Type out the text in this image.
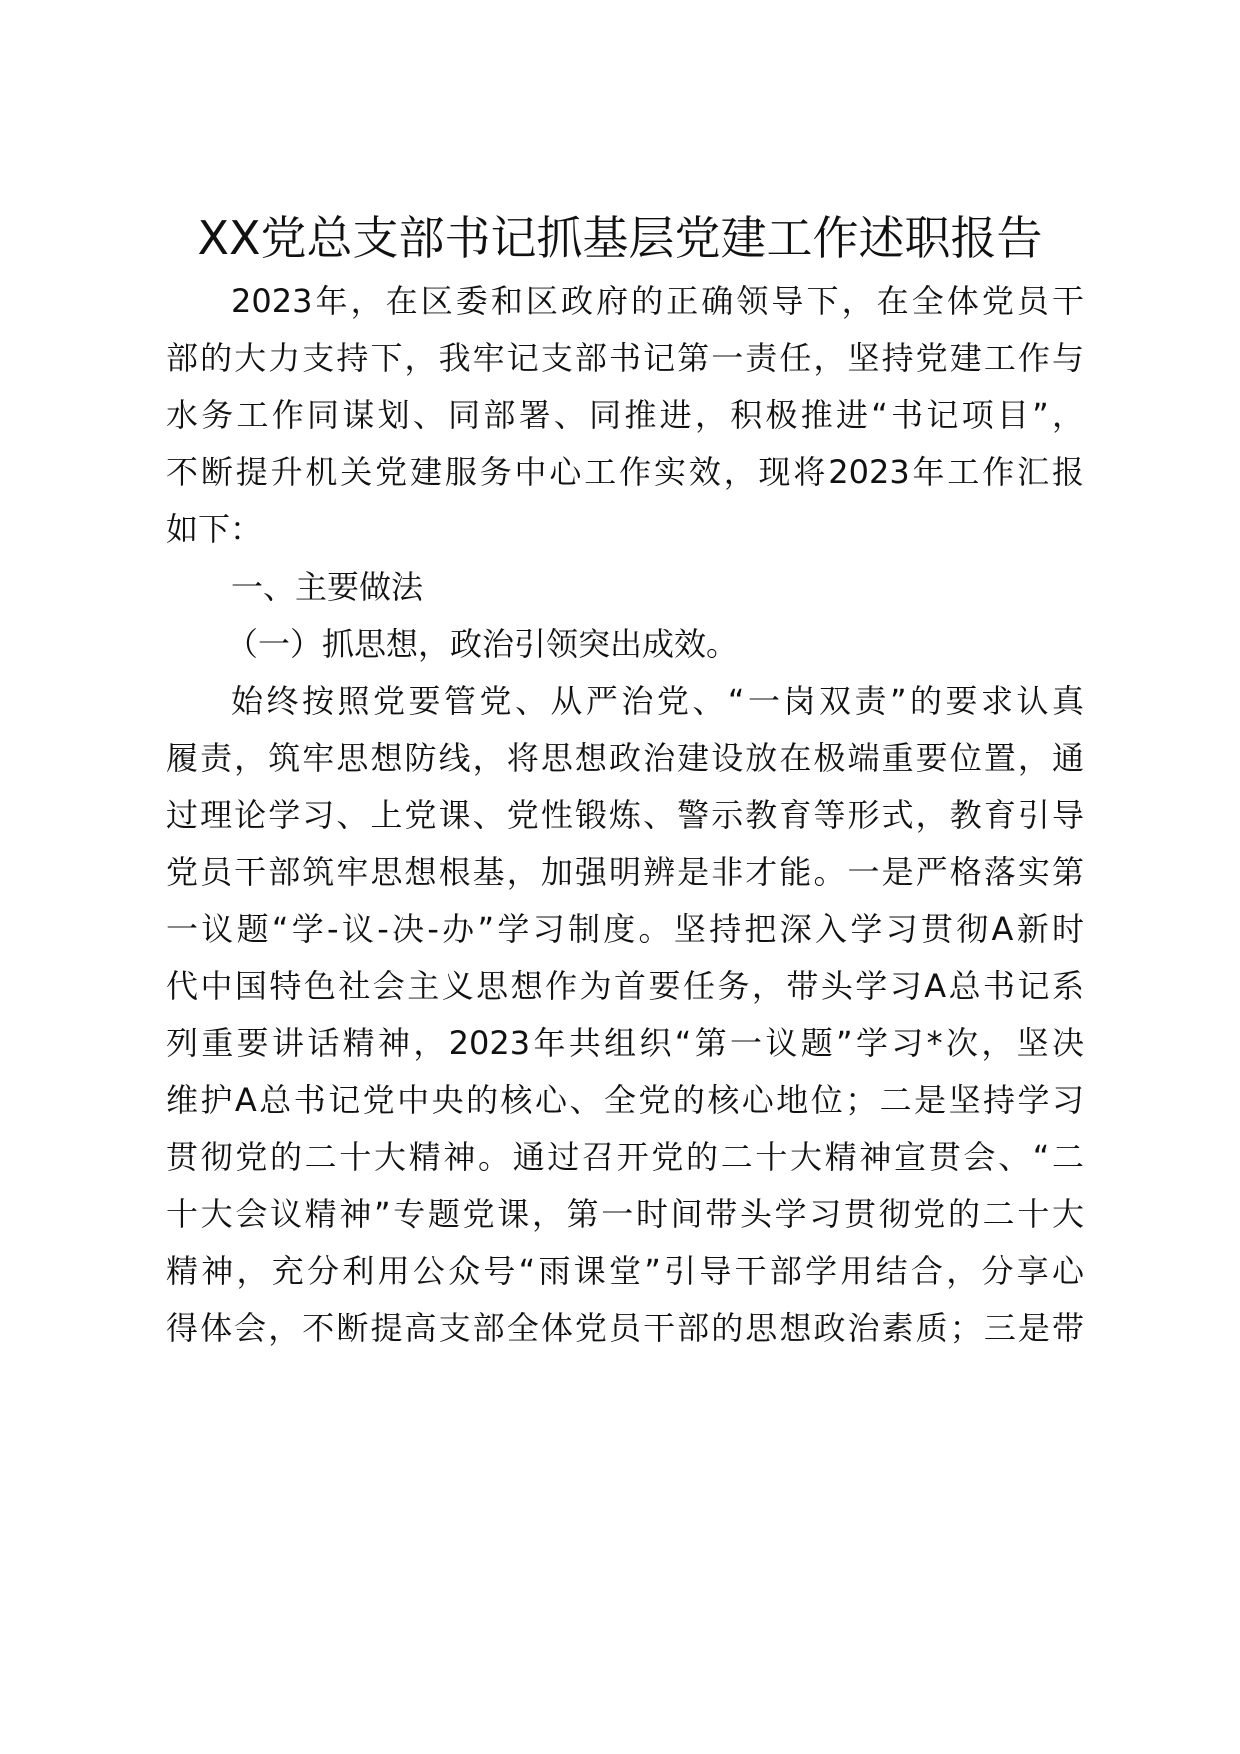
XX党总支部书记抓基层党建工作述职报告

2023年，在区委和区政府的正确领导下，在全体党员干

部的大力支持下，我牢记支部书记第一责任，坚持党建工作与

水务工作同谋划、同部署、同推进，积极推进“书记项目”，

不断提升机关党建服务中心工作实效，现将2023年工作汇报

如下：

一、主要做法

（一）抓思想，政治引领突出成效。

始终按照党要管党、从严治党、“一岗双责”的要求认真

履责，筑牢思想防线，将思想政治建设放在极端重要位置，通

过理论学习、上党课、党性锻炼、警示教育等形式，教育引导

党员干部筑牢思想根基，加强明辨是非才能。一是严格落实第

一议题“学-议-决-办”学习制度。坚持把深入学习贯彻A新时

代中国特色社会主义思想作为首要任务，带头学习A总书记系

列重要讲话精神，2023年共组织“第一议题”学习*次，坚决

维护A总书记党中央的核心、全党的核心地位；二是坚持学习

贯彻党的二十大精神。通过召开党的二十大精神宣贯会、“二

十大会议精神”专题党课，第一时间带头学习贯彻党的二十大

精神，充分利用公众号“雨课堂”引导干部学用结合，分享心

得体会，不断提高支部全体党员干部的思想政治素质；三是带
